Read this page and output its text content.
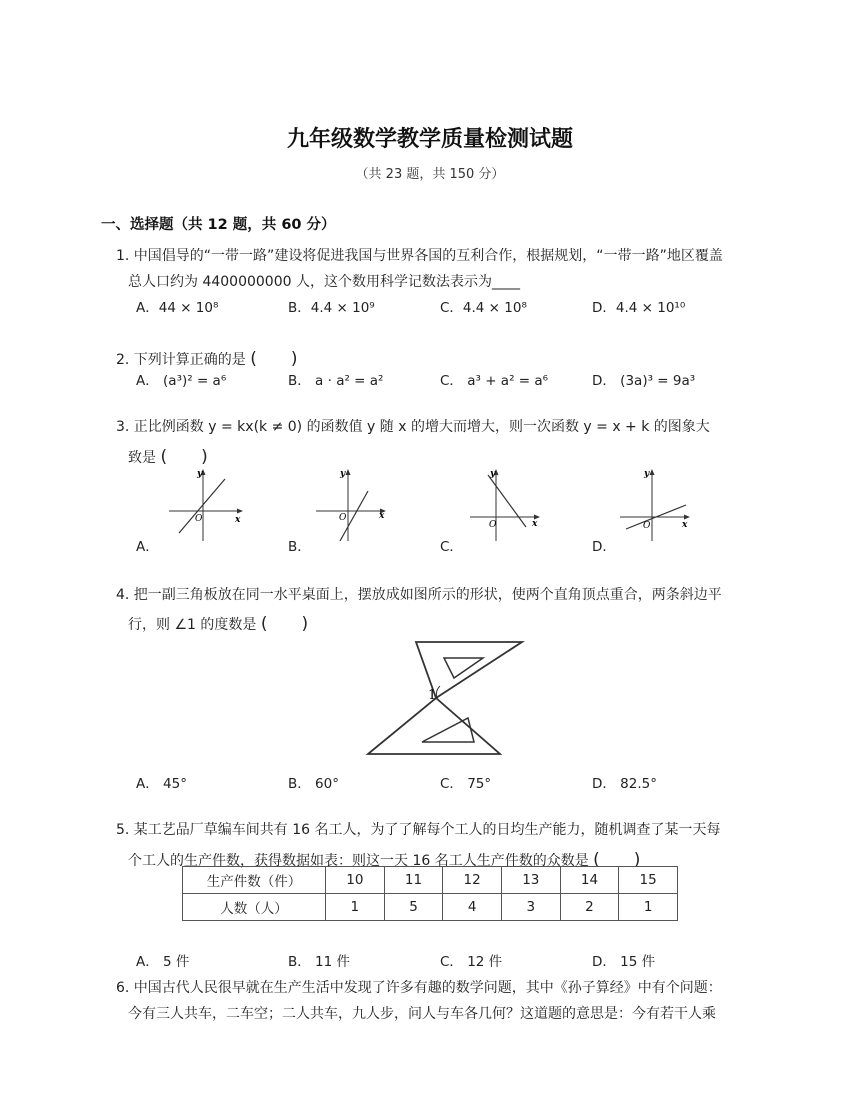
九年级数学教学质量检测试题
（共 23 题，共 150 分）
一、选择题（共 12 题，共 60 分）
1. 中国倡导的“一带一路”建设将促进我国与世界各国的互利合作，根据规划，“一带一路”地区覆盖
总人口约为 4400000000 人，这个数用科学记数法表示为____
A．44 × 10⁸	B．4.4 × 10⁹	C．4.4 × 10⁸	D．4.4 × 10¹⁰
2. 下列计算正确的是 (　　)
A． (a³)² = a⁶	B． a · a² = a²	C． a³ + a² = a⁶	D． (3a)³ = 9a³
3. 正比例函数 y = kx(k ≠ 0) 的函数值 y 随 x 的增大而增大，则一次函数 y = x + k 的图象大
致是 (　　)
y
x
O
A．
y
x
O
B．
y
x
O
C．
y
x
O
D．
4. 把一副三角板放在同一水平桌面上，摆放成如图所示的形状，使两个直角顶点重合，两条斜边平
行，则 ∠1 的度数是 (　　)
1
A． 45°	B． 60°	C． 75°	D． 82.5°
5. 某工艺品厂草编车间共有 16 名工人，为了了解每个工人的日均生产能力，随机调查了某一天每
个工人的生产件数，获得数据如表：则这一天 16 名工人生产件数的众数是 (　　)
生产件数（件）	10	11	12	13	14	15
人数（人）	1	5	4	3	2	1
A． 5 件	B． 11 件	C． 12 件	D． 15 件
6. 中国古代人民很早就在生产生活中发现了许多有趣的数学问题，其中《孙子算经》中有个问题：
今有三人共车，二车空；二人共车，九人步，问人与车各几何？这道题的意思是：今有若干人乘
